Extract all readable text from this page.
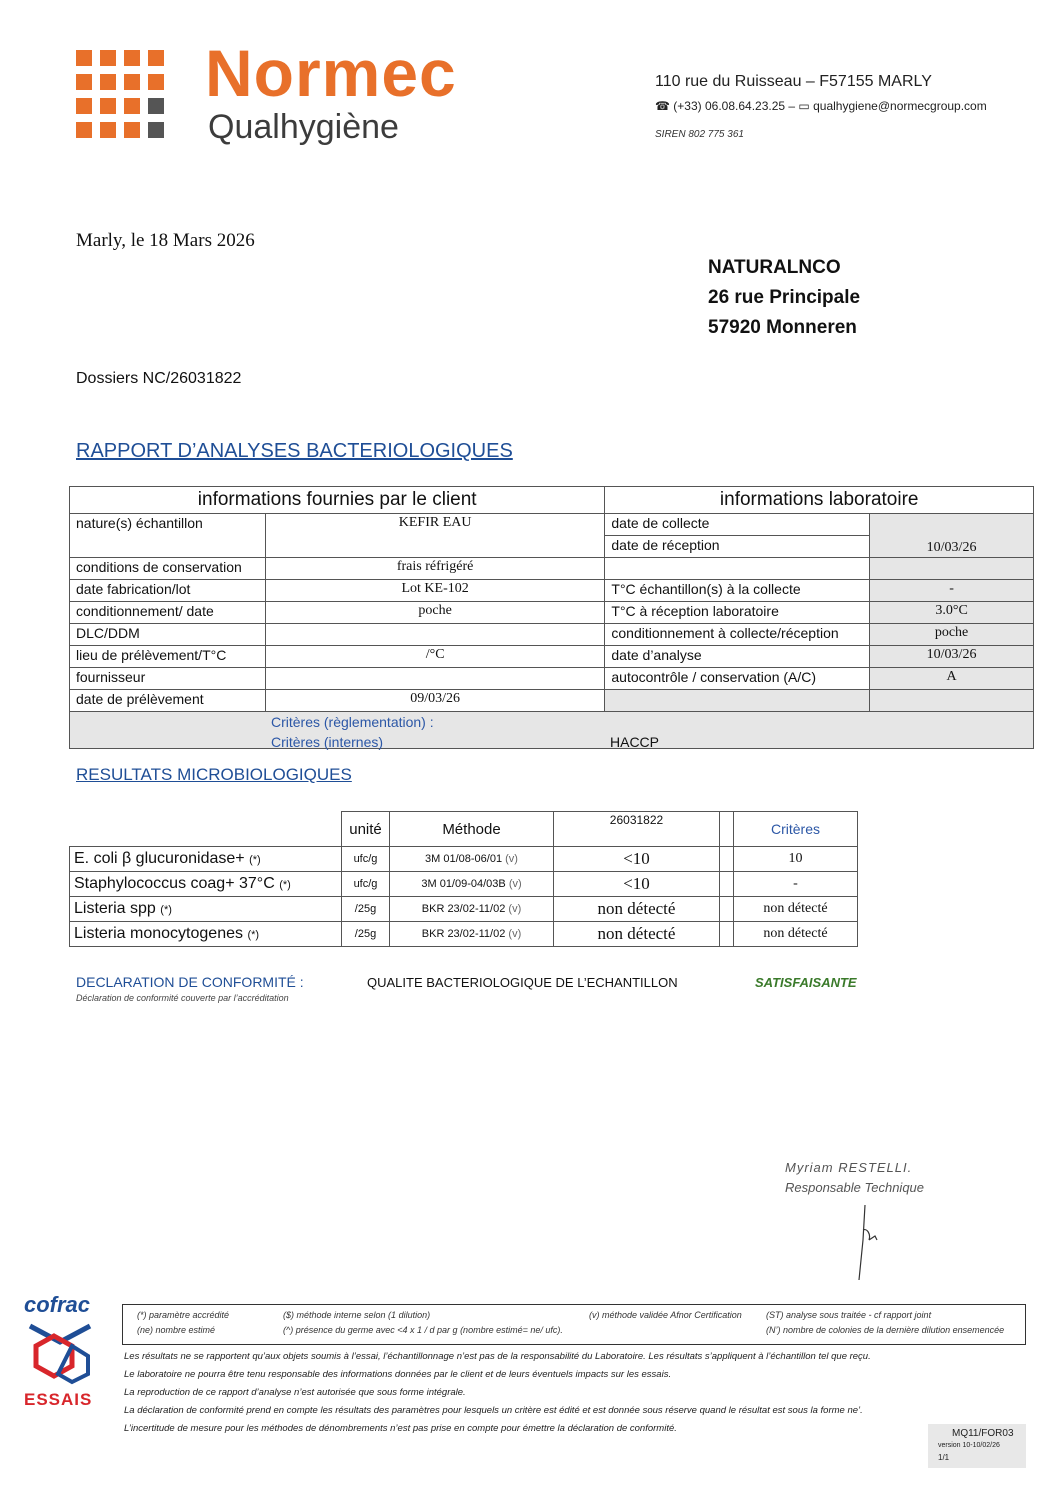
Normec
Qualhygiène
110 rue du Ruisseau – F57155 MARLY
☎ (+33) 06.08.64.23.25 – ▭ qualhygiene@normecgroup.com
SIREN 802 775 361
Marly, le 18 Mars 2026
NATURALNCO
26 rue Principale
57920 Monneren
Dossiers NC/26031822
RAPPORT D’ANALYSES BACTERIOLOGIQUES
informations fournies par le client		informations laboratoire	
nature(s) échantillon	KEFIR EAU	date de collecte	10/03/26
		date de réception	
conditions de conservation	frais réfrigéré		
date fabrication/lot	Lot KE-102	T°C échantillon(s) à la collecte	-
conditionnement/ date	poche	T°C à réception laboratoire	3.0°C
DLC/DDM		conditionnement à collecte/réception	poche
lieu de prélèvement/T°C	/°C	date d’analyse	10/03/26
fournisseur		autocontrôle / conservation (A/C)	A
date de prélèvement	09/03/26		

Critères (règlementation) :
Critères (internes) HACCP			
RESULTATS MICROBIOLOGIQUES
	unité	Méthode	26031822		Critères
E. coli β glucuronidase+ (*)	ufc/g	3M 01/08-06/01 (v)	<10		10
Staphylococcus coag+ 37°C (*)	ufc/g	3M 01/09-04/03B (v)	<10		-
Listeria spp (*)	/25g	BKR 23/02-11/02 (v)	non détecté		non détecté
Listeria monocytogenes (*)	/25g	BKR 23/02-11/02 (v)	non détecté		non détecté
DECLARATION DE CONFORMITÉ :
Déclaration de conformité couverte par l’accréditation
QUALITE BACTERIOLOGIQUE DE L’ECHANTILLON	SATISFAISANTE
Myriam RESTELLI.
Responsable Technique
cofrac
ESSAIS
(*) paramètre accrédité
(ne) nombre estimé
($) méthode interne selon (1 dilution)
(^) présence du germe avec <4 x 1 / d par g (nombre estimé= ne/ ufc).
(v) méthode validée Afnor Certification	(ST) analyse sous traitée - cf rapport joint
(N’) nombre de colonies de la dernière dilution ensemencée
Les résultats ne se rapportent qu’aux objets soumis à l’essai, l’échantillonnage n’est pas de la responsabilité du Laboratoire. Les résultats s’appliquent à l’échantillon tel que reçu.
Le laboratoire ne pourra être tenu responsable des informations données par le client et de leurs éventuels impacts sur les essais.
La reproduction de ce rapport d’analyse n’est autorisée que sous forme intégrale.
La déclaration de conformité prend en compte les résultats des paramètres pour lesquels un critère est édité et est donnée sous réserve quand le résultat est sous la forme ne’.
L’incertitude de mesure pour les méthodes de dénombrements n’est pas prise en compte pour émettre la déclaration de conformité.	MQ11/FOR03
version 10-10/02/26
1/1
